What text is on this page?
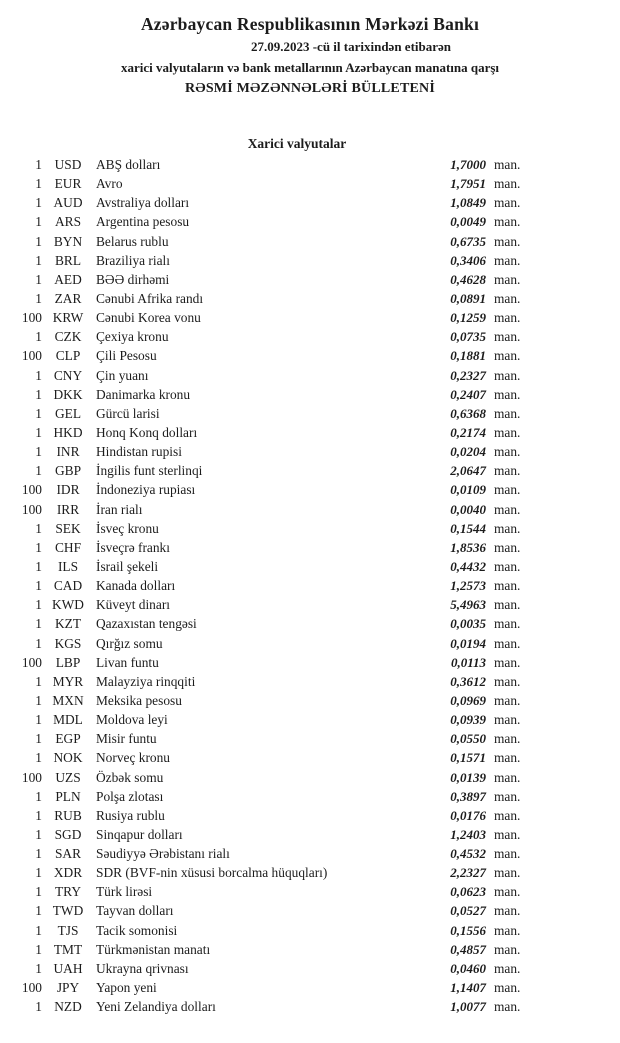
Azərbaycan Respublikasının Mərkəzi Bankı
27.09.2023 -cü il tarixindən etibarən
xarici valyutaların və bank metallarının Azərbaycan manatına qarşı
RƏSMİ MƏZƏNNƏLƏRİ BÜLLETENİ
Xarici valyutalar
1 USD	ABŞ dolları	1,7000 man.
1 EUR	Avro	1,7951 man.
1 AUD	Avstraliya dolları	1,0849 man.
1 ARS	Argentina pesosu	0,0049 man.
1 BYN	Belarus rublu	0,6735 man.
1 BRL	Braziliya rialı	0,3406 man.
1 AED	BƏƏ dirhəmi	0,4628 man.
1 ZAR	Cənubi Afrika randı	0,0891 man.
100 KRW Cənubi Korea vonu	0,1259 man.
1 CZK	Çexiya kronu	0,0735 man.
100	CLP	Çili Pesosu	0,1881 man.
1 CNY	Çin yuanı	0,2327 man.
1 DKK	Danimarka kronu	0,2407 man.
1 GEL	Gürcü larisi	0,6368 man.
1 HKD	Honq Konq dolları	0,2174 man.
1	INR	Hindistan rupisi	0,0204 man.
1 GBP	İngilis funt sterlinqi	2,0647 man.
100	IDR	İndoneziya rupiası	0,0109 man.
100	IRR	İran rialı	0,0040 man.
1 SEK	İsveç kronu	0,1544 man.
1 CHF	İsveçrə frankı	1,8536 man.
1	ILS	İsrail şekeli	0,4432 man.
1 CAD	Kanada dolları	1,2573 man.
1 KWD Küveyt dinarı	5,4963 man.
1 KZT	Qazaxıstan tengəsi	0,0035 man.
1 KGS	Qırğız somu	0,0194 man.
100	LBP	Livan funtu	0,0113 man.
1 MYR Malayziya rinqqiti	0,3612 man.
1 MXN Meksika pesosu	0,0969 man.
1 MDL Moldova leyi	0,0939 man.
1 EGP	Misir funtu	0,0550 man.
1 NOK	Norveç kronu	0,1571 man.
100 UZS	Özbək somu	0,0139 man.
1 PLN	Polşa zlotası	0,3897 man.
1 RUB	Rusiya rublu	0,0176 man.
1 SGD	Sinqapur dolları	1,2403 man.
1 SAR	Səudiyyə Ərəbistanı rialı	0,4532 man.
1 XDR	SDR (BVF-nin xüsusi borcalma hüquqları)	2,2327 man.
1 TRY	Türk lirəsi	0,0623 man.
1 TWD Tayvan dolları	0,0527 man.
1	TJS	Tacik somonisi	0,1556 man.
1 TMT	Türkmənistan manatı	0,4857 man.
1 UAH	Ukrayna qrivnası	0,0460 man.
100	JPY	Yapon yeni	1,1407 man.
1 NZD	Yeni Zelandiya dolları	1,0077 man.
